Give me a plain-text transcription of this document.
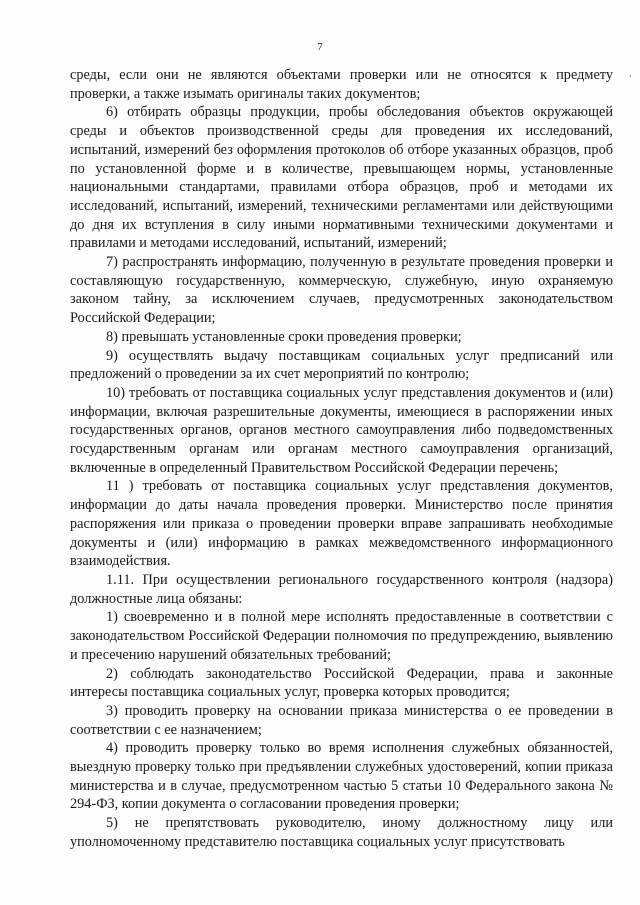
7
,

среды, если они не являются объектами проверки или не относятся к предмету проверки, а также изымать оригиналы таких документов;

6) отбирать образцы продукции, пробы обследования объектов окружающей среды и объектов производственной среды для проведения их исследований, испытаний, измерений без оформления протоколов об отборе указанных образцов, проб по установленной форме и в количестве, превышающем нормы, установленные национальными стандартами, правилами отбора образцов, проб и методами их исследований, испытаний, измерений, техническими регламентами или действующими до дня их вступления в силу иными нормативными техническими документами и правилами и методами исследований, испытаний, измерений;

7) распространять информацию, полученную в результате проведения проверки и составляющую государственную, коммерческую, служебную, иную охраняемую законом тайну, за исключением случаев, предусмотренных законодательством Российской Федерации;

8) превышать установленные сроки проведения проверки;

9) осуществлять выдачу поставщикам социальных услуг предписаний или предложений о проведении за их счет мероприятий по контролю;

10) требовать от поставщика социальных услуг представления документов и (или) информации, включая разрешительные документы, имеющиеся в распоряжении иных государственных органов, органов местного самоуправления либо подведомственных государственным органам или органам местного самоуправления организаций, включенные в определенный Правительством Российской Федерации перечень;

11 ) требовать от поставщика социальных услуг представления документов, информации до даты начала проведения проверки. Министерство после принятия распоряжения или приказа о проведении проверки вправе запрашивать необходимые документы и (или) информацию в рамках межведомственного информационного взаимодействия.

1.11. При осуществлении регионального государственного контроля (надзора) должностные лица обязаны:

1) своевременно и в полной мере исполнять предоставленные в соответствии с законодательством Российской Федерации полномочия по предупреждению, выявлению и пресечению нарушений обязательных требований;

2) соблюдать законодательство Российской Федерации, права и законные интересы поставщика социальных услуг, проверка которых проводится;

3) проводить проверку на основании приказа министерства о ее проведении в соответствии с ее назначением;

4) проводить проверку только во время исполнения служебных обязанностей, выездную проверку только при предъявлении служебных удостоверений, копии приказа министерства и в случае, предусмотренном частью 5 статьи 10 Федерального закона № 294-ФЗ, копии документа о согласовании проведения проверки;

5) не препятствовать руководителю, иному должностному лицу или уполномоченному представителю поставщика социальных услуг присутствовать
